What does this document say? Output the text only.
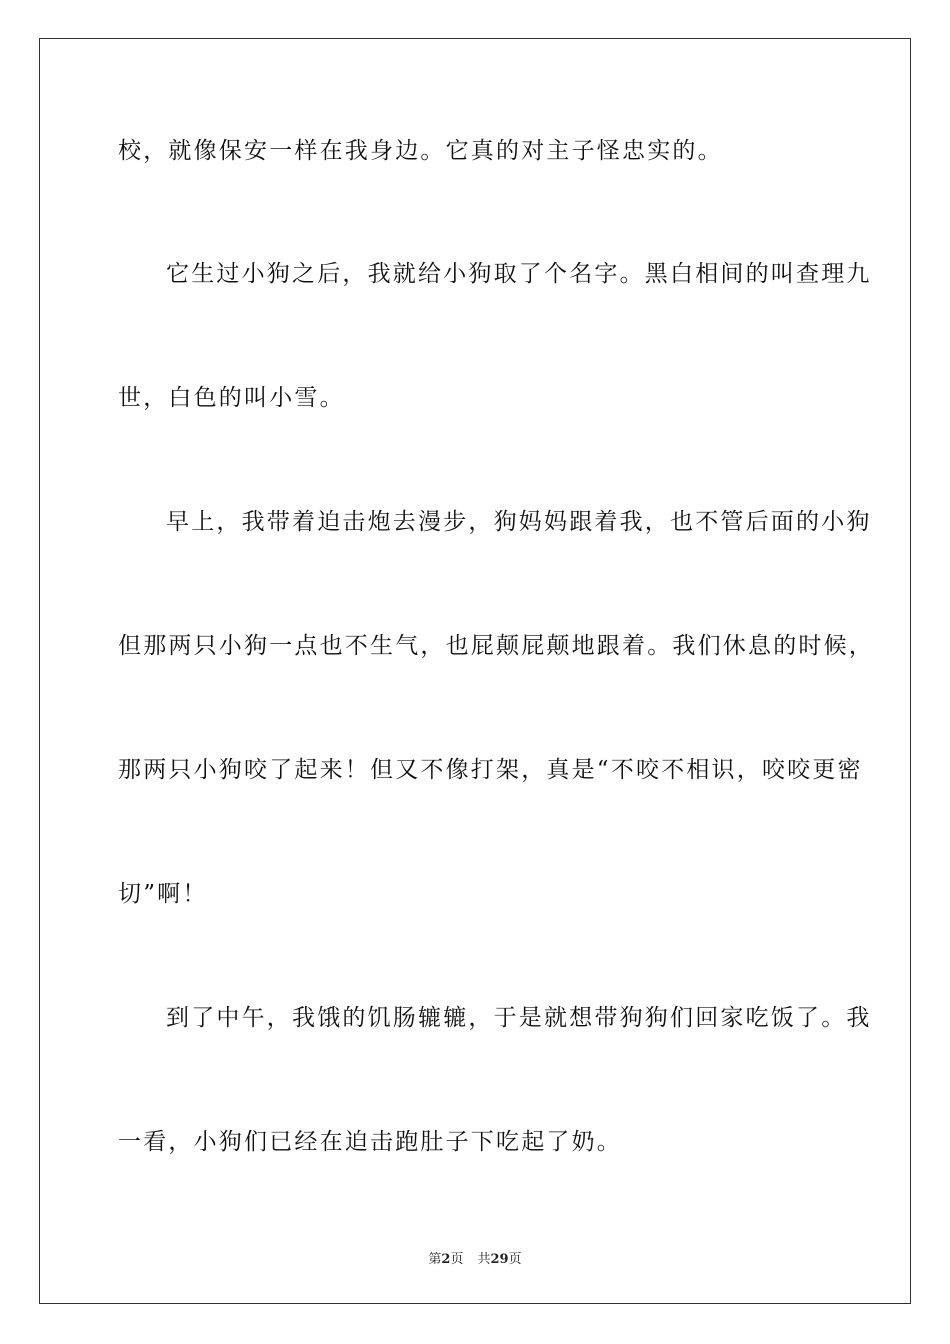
校，就像保安一样在我身边。它真的对主子怪忠实的。
它生过小狗之后，我就给小狗取了个名字。黑白相间的叫查理九
世，白色的叫小雪。
早上，我带着迫击炮去漫步，狗妈妈跟着我，也不管后面的小狗
但那两只小狗一点也不生气，也屁颠屁颠地跟着。我们休息的时候，
那两只小狗咬了起来！但又不像打架，真是“不咬不相识，咬咬更密
切”啊！
到了中午，我饿的饥肠辘辘，于是就想带狗狗们回家吃饭了。我
一看，小狗们已经在迫击跑肚子下吃起了奶。
第2页 共29页
